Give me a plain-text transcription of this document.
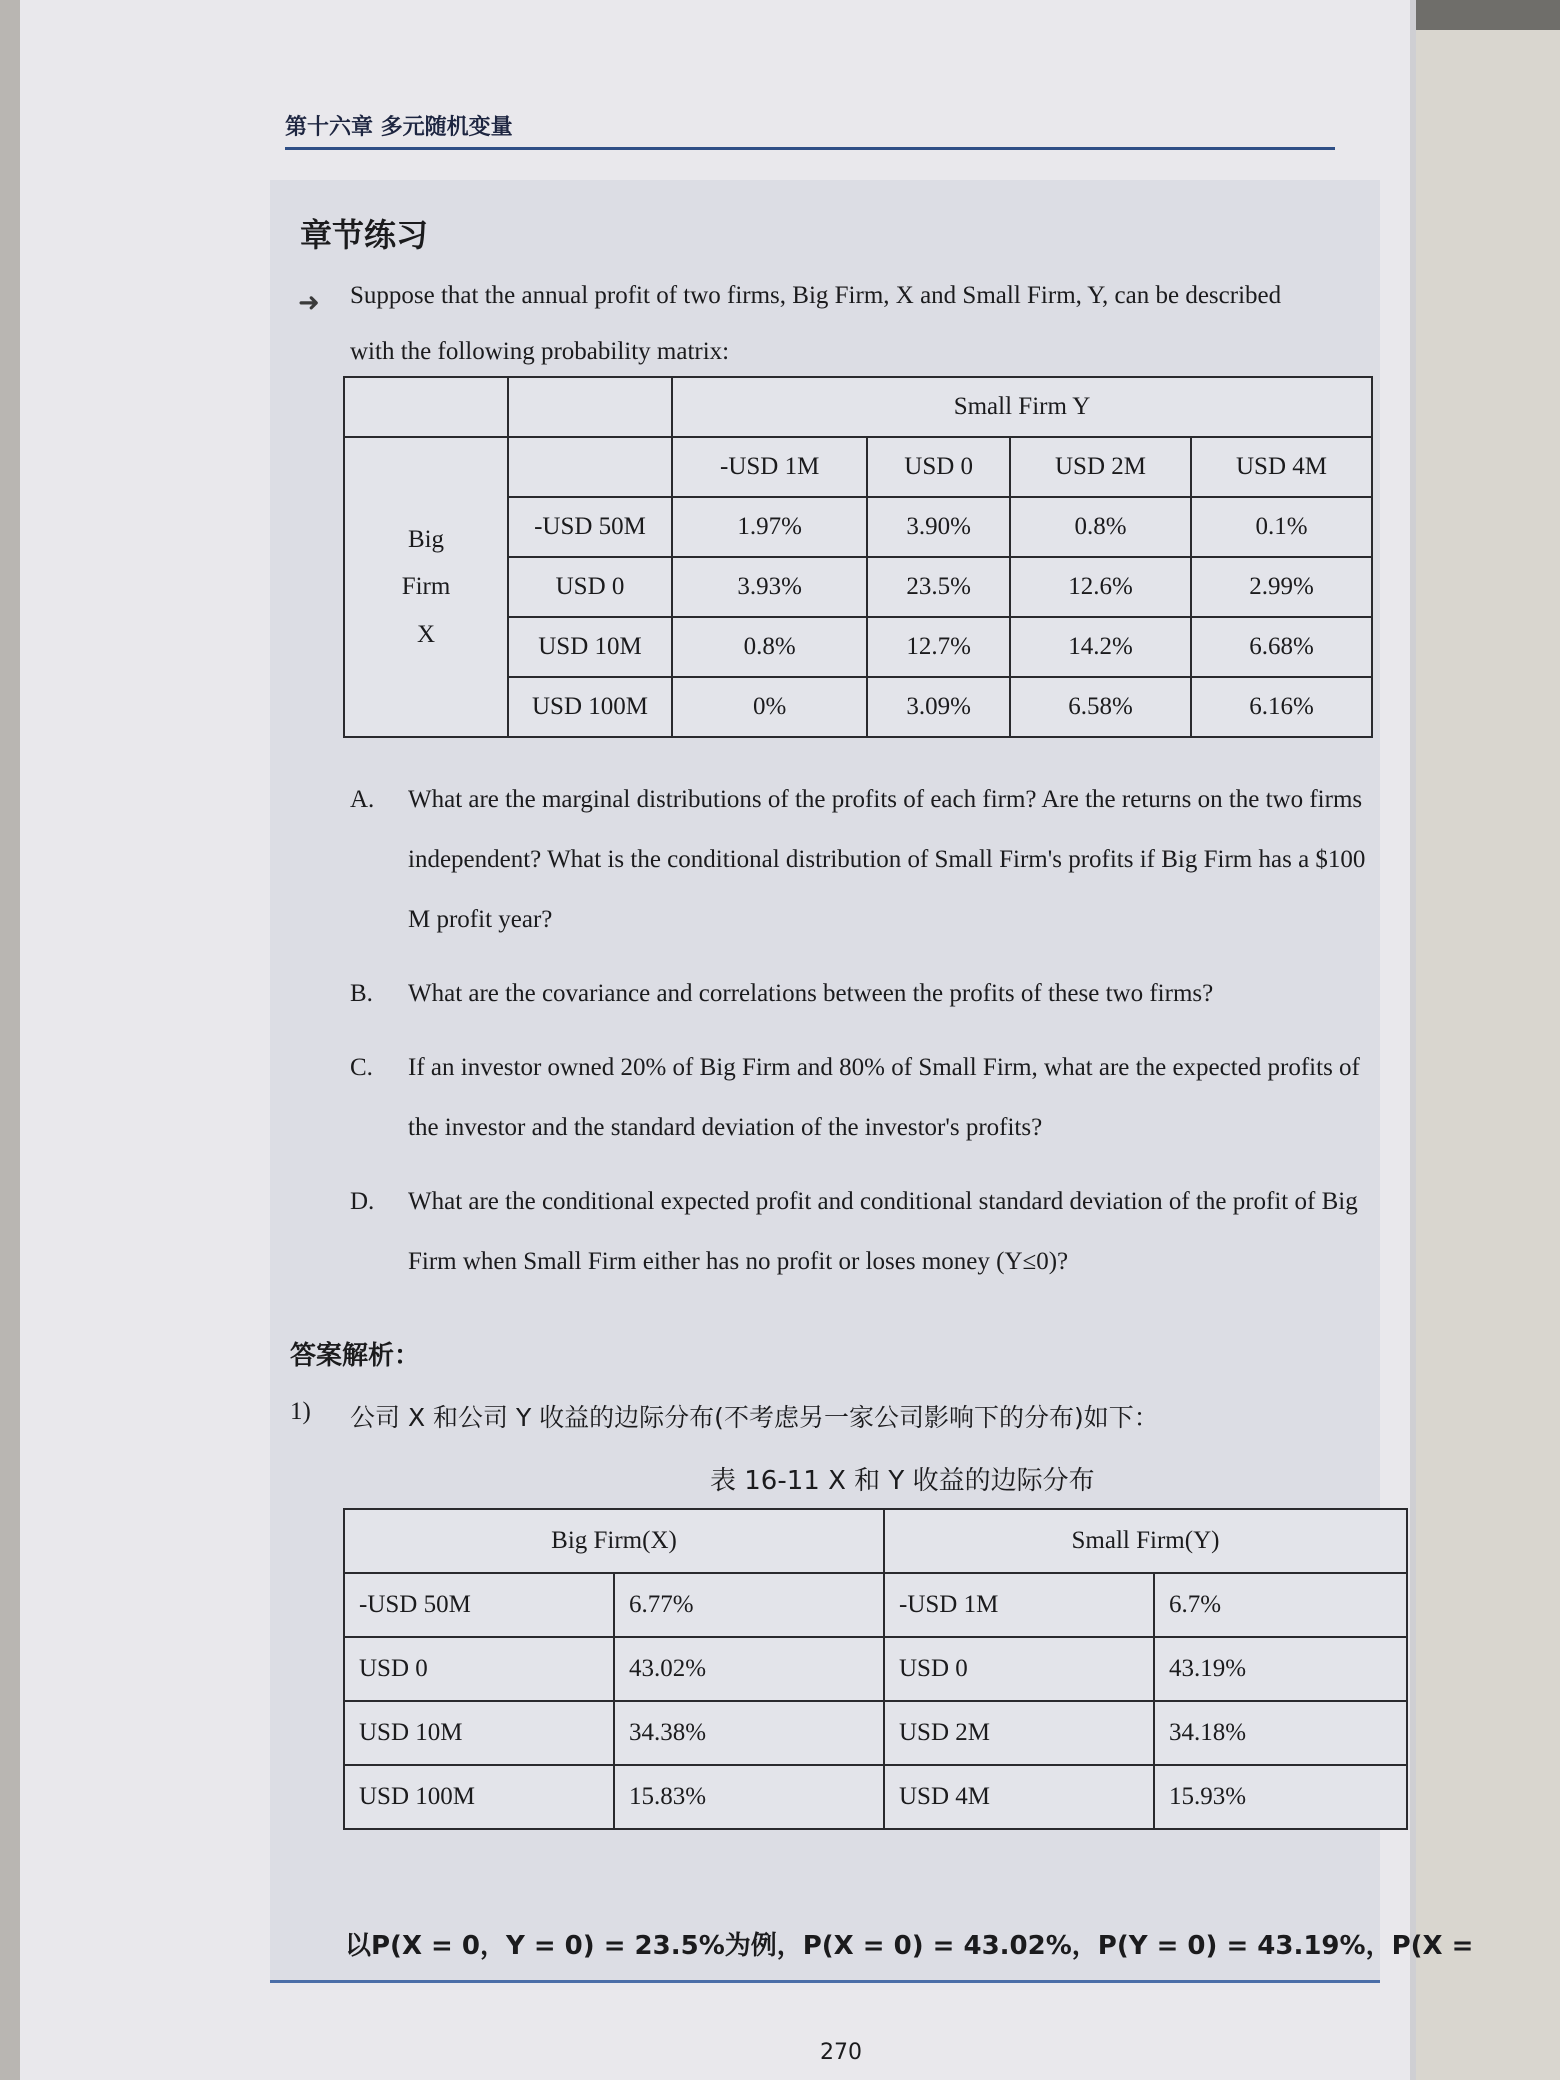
第十六章 多元随机变量
章节练习
➜ Suppose that the annual profit of two firms, Big Firm, X and Small Firm, Y, can be described
with the following probability matrix:
		Small Firm Y			
Big
Firm
X		-USD 1M	USD 0	USD 2M	USD 4M
	-USD 50M	1.97%	3.90%	0.8%	0.1%
	USD 0	3.93%	23.5%	12.6%	2.99%
	USD 10M	0.8%	12.7%	14.2%	6.68%
	USD 100M	0%	3.09%	6.58%	6.16%
A.	What are the marginal distributions of the profits of each firm? Are the returns on the two firms independent? What is the conditional distribution of Small Firm's profits if Big Firm has a $100 M profit year?
B.	What are the covariance and correlations between the profits of these two firms?
C.	If an investor owned 20% of Big Firm and 80% of Small Firm, what are the expected profits of the investor and the standard deviation of the investor's profits?
D.	What are the conditional expected profit and conditional standard deviation of the profit of Big Firm when Small Firm either has no profit or loses money (Y≤0)?
答案解析：
1)	公司 X 和公司 Y 收益的边际分布(不考虑另一家公司影响下的分布)如下：
表 16-11 X 和 Y 收益的边际分布
Big Firm(X)		Small Firm(Y)	
-USD 50M	6.77%	-USD 1M	6.7%
USD 0	43.02%	USD 0	43.19%
USD 10M	34.38%	USD 2M	34.18%
USD 100M	15.83%	USD 4M	15.93%
以P(X = 0，Y = 0) = 23.5%为例，P(X = 0) = 43.02%，P(Y = 0) = 43.19%，P(X =
270
